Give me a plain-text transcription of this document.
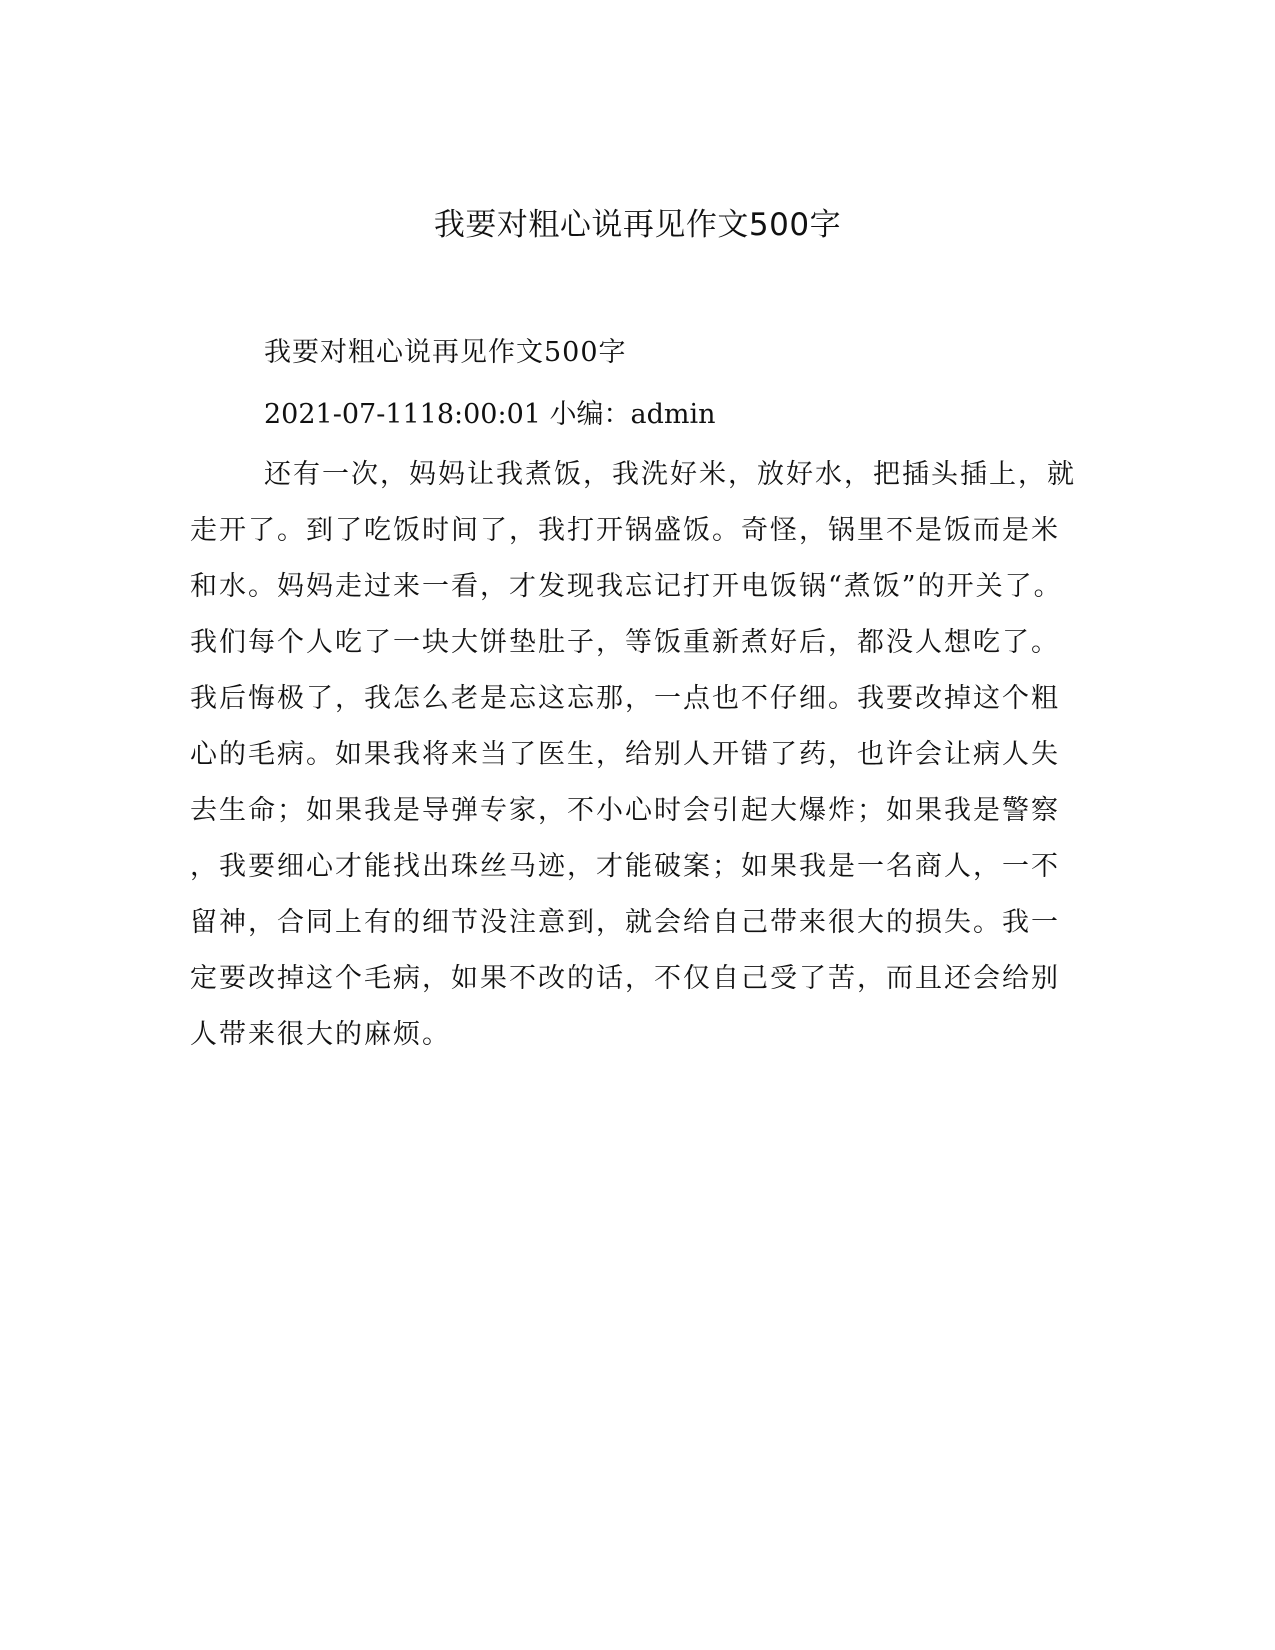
我要对粗心说再见作文500字

我要对粗心说再见作文500字

2021-07-1118:00:01 小编：admin

还有一次，妈妈让我煮饭，我洗好米，放好水，把插头插上，就

走开了。到了吃饭时间了，我打开锅盛饭。奇怪，锅里不是饭而是米

和水。妈妈走过来一看，才发现我忘记打开电饭锅“煮饭”的开关了。

我们每个人吃了一块大饼垫肚子，等饭重新煮好后，都没人想吃了。

我后悔极了，我怎么老是忘这忘那，一点也不仔细。我要改掉这个粗

心的毛病。如果我将来当了医生，给别人开错了药，也许会让病人失

去生命；如果我是导弹专家，不小心时会引起大爆炸；如果我是警察

，我要细心才能找出珠丝马迹，才能破案；如果我是一名商人，一不

留神，合同上有的细节没注意到，就会给自己带来很大的损失。我一

定要改掉这个毛病，如果不改的话，不仅自己受了苦，而且还会给别

人带来很大的麻烦。
